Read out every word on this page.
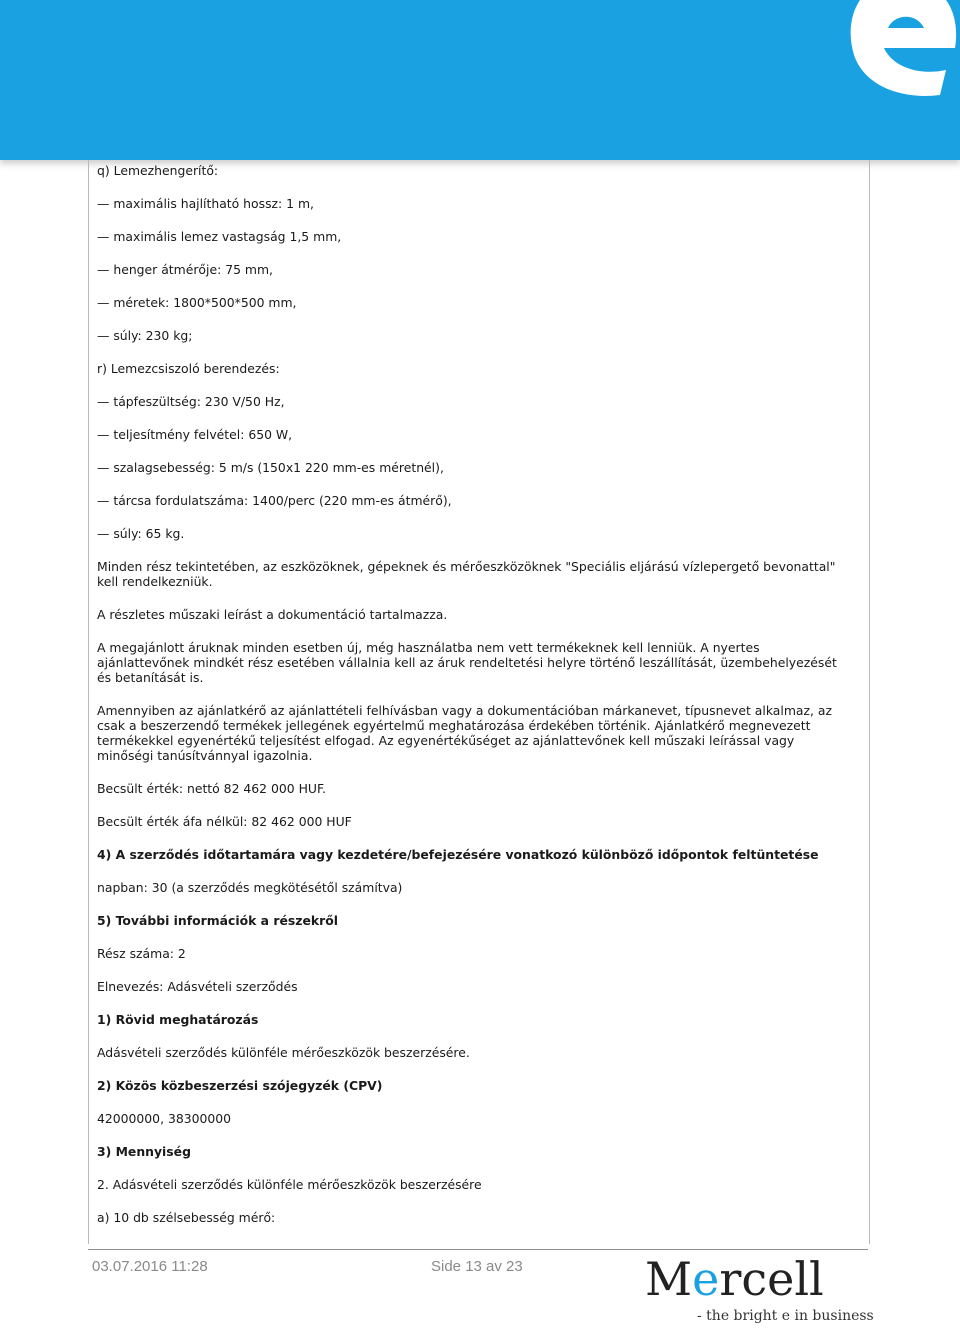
q) Lemezhengerítő:
— maximális hajlítható hossz: 1 m,
— maximális lemez vastagság 1,5 mm,
— henger átmérője: 75 mm,
— méretek: 1800*500*500 mm,
— súly: 230 kg;
r) Lemezcsiszoló berendezés:
— tápfeszültség: 230 V/50 Hz,
— teljesítmény felvétel: 650 W,
— szalagsebesség: 5 m/s (150x1 220 mm-es méretnél),
— tárcsa fordulatszáma: 1400/perc (220 mm-es átmérő),
— súly: 65 kg.
Minden rész tekintetében, az eszközöknek, gépeknek és mérőeszközöknek "Speciális eljárású vízlepergető bevonattal" kell rendelkezniük.
A részletes műszaki leírást a dokumentáció tartalmazza.
A megajánlott áruknak minden esetben új, még használatba nem vett termékeknek kell lenniük. A nyertes ajánlattevőnek mindkét rész esetében vállalnia kell az áruk rendeltetési helyre történő leszállítását, üzembehelyezését és betanítását is.
Amennyiben az ajánlatkérő az ajánlattételi felhívásban vagy a dokumentációban márkanevet, típusnevet alkalmaz, az csak a beszerzendő termékek jellegének egyértelmű meghatározása érdekében történik. Ajánlatkérő megnevezett termékekkel egyenértékű teljesítést elfogad. Az egyenértékűséget az ajánlattevőnek kell műszaki leírással vagy minőségi tanúsítvánnyal igazolnia.
Becsült érték: nettó 82 462 000 HUF.
Becsült érték áfa nélkül: 82 462 000 HUF
4) A szerződés időtartamára vagy kezdetére/befejezésére vonatkozó különböző időpontok feltüntetése
napban: 30 (a szerződés megkötésétől számítva)
5) További információk a részekről
Rész száma: 2
Elnevezés: Adásvételi szerződés
1) Rövid meghatározás
Adásvételi szerződés különféle mérőeszközök beszerzésére.
2) Közös közbeszerzési szójegyzék (CPV)
42000000, 38300000
3) Mennyiség
2. Adásvételi szerződés különféle mérőeszközök beszerzésére
a) 10 db szélsebesség mérő:
03.07.2016 11:28	Side 13 av 23	Mercell
- the bright e in business
